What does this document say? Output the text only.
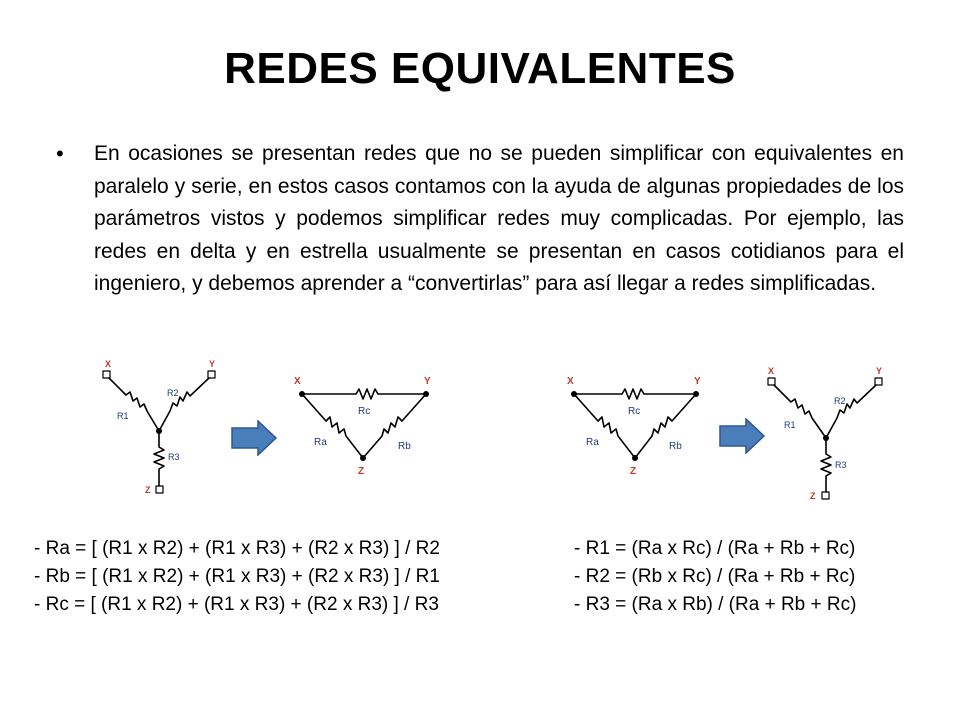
REDES EQUIVALENTES
• En ocasiones se presentan redes que no se pueden simplificar con equivalentes en paralelo y serie, en estos casos contamos con la ayuda de algunas propiedades de los parámetros vistos y podemos simplificar redes muy complicadas. Por ejemplo, las redes en delta y en estrella usualmente se presentan en casos cotidianos para el ingeniero, y debemos aprender a “convertirlas” para así llegar a redes simplificadas.
X	Y
Z
R1
R2
R3
X	Y
Z
Rc
Ra	Rb
X	Y
Z
Rc
Ra	Rb
X	Y
Z
R1
R2
R3
- Ra = [ (R1 x R2) + (R1 x R3) + (R2 x R3) ] / R2
- Rb = [ (R1 x R2) + (R1 x R3) + (R2 x R3) ] / R1
- Rc = [ (R1 x R2) + (R1 x R3) + (R2 x R3) ] / R3
- R1 = (Ra x Rc) / (Ra + Rb + Rc)
- R2 = (Rb x Rc) / (Ra + Rb + Rc)
- R3 = (Ra x Rb) / (Ra + Rb + Rc)
